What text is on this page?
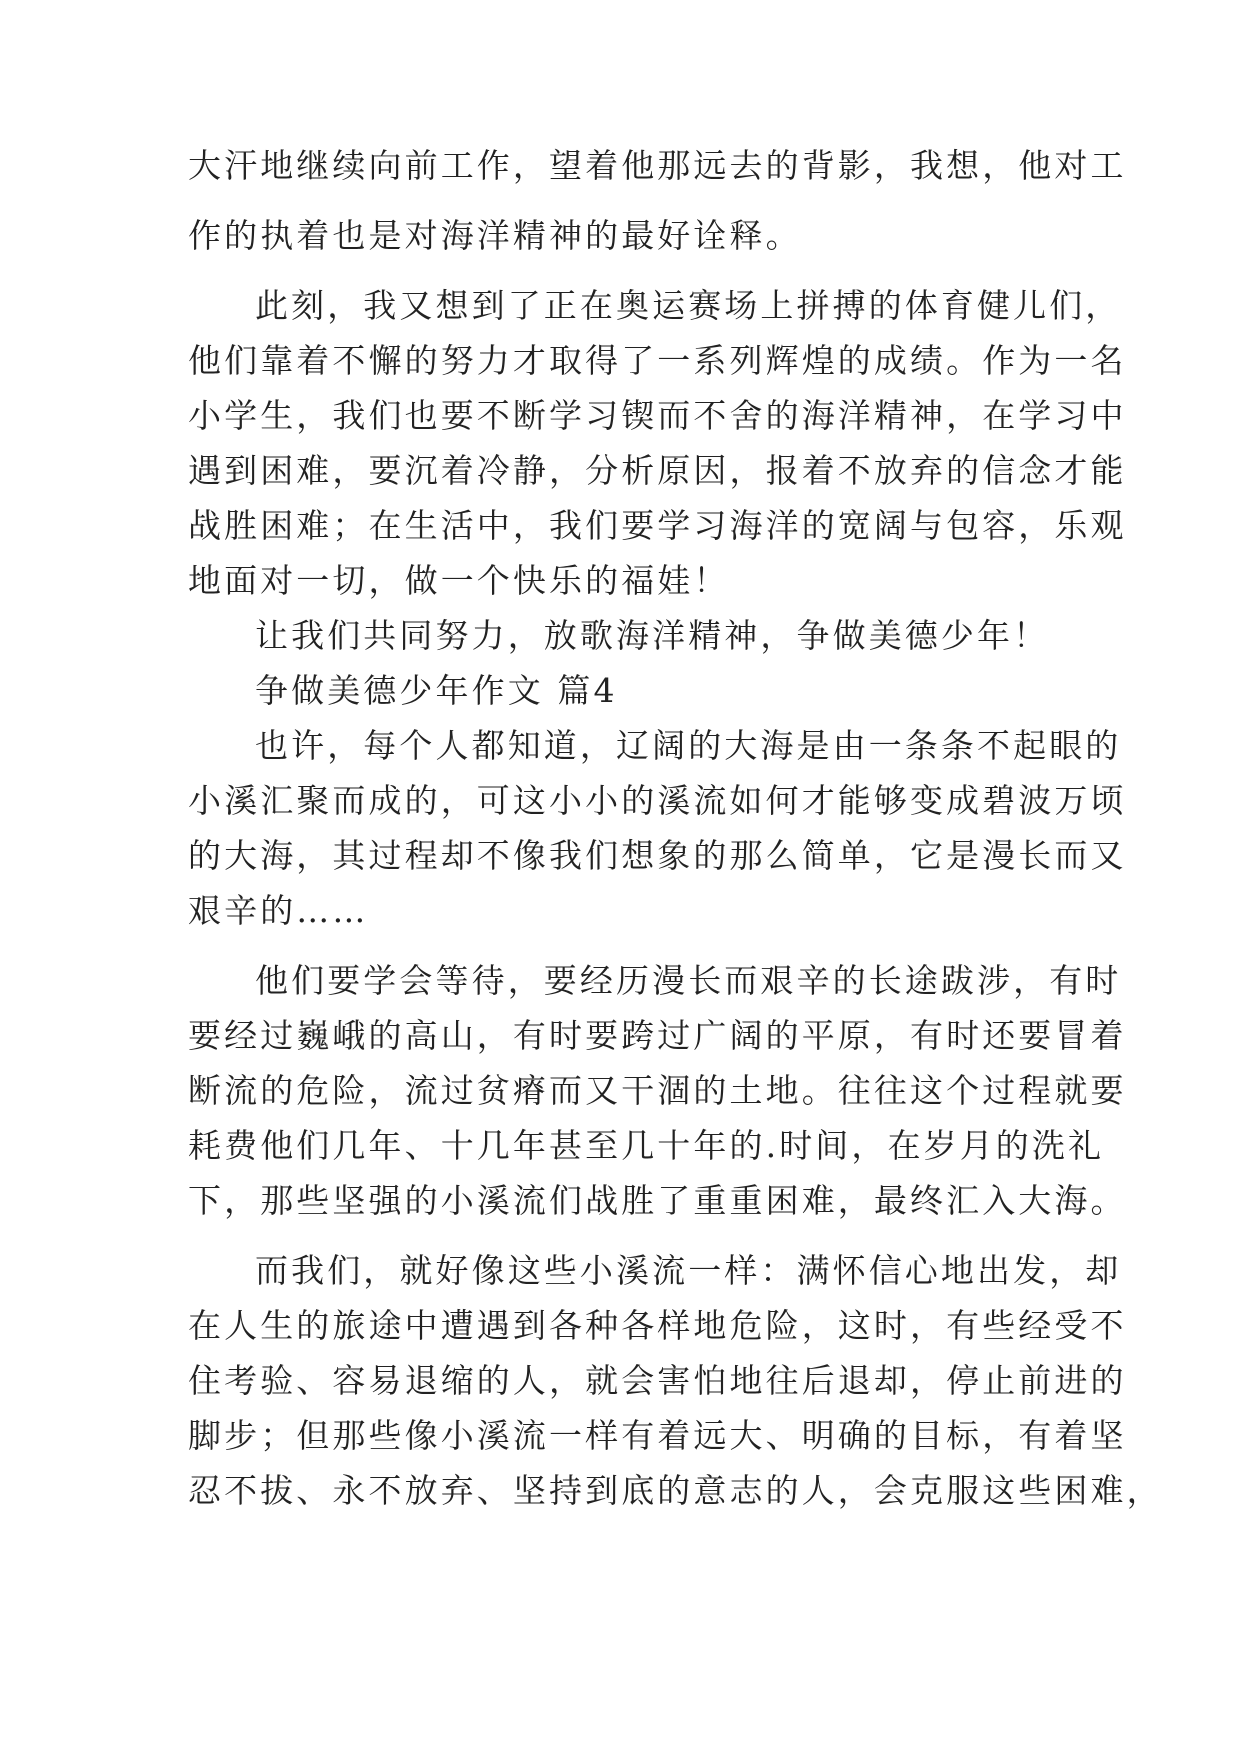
大汗地继续向前工作，望着他那远去的背影，我想，他对工
作的执着也是对海洋精神的最好诠释。
此刻，我又想到了正在奥运赛场上拼搏的体育健儿们，
他们靠着不懈的努力才取得了一系列辉煌的成绩。作为一名
小学生，我们也要不断学习锲而不舍的海洋精神，在学习中
遇到困难，要沉着冷静，分析原因，报着不放弃的信念才能
战胜困难；在生活中，我们要学习海洋的宽阔与包容，乐观
地面对一切，做一个快乐的福娃！
让我们共同努力，放歌海洋精神，争做美德少年！
争做美德少年作文 篇4
也许，每个人都知道，辽阔的大海是由一条条不起眼的
小溪汇聚而成的，可这小小的溪流如何才能够变成碧波万顷
的大海，其过程却不像我们想象的那么简单，它是漫长而又
艰辛的……
他们要学会等待，要经历漫长而艰辛的长途跋涉，有时
要经过巍峨的高山，有时要跨过广阔的平原，有时还要冒着
断流的危险，流过贫瘠而又干涸的土地。往往这个过程就要
耗费他们几年、十几年甚至几十年的.时间，在岁月的洗礼
下，那些坚强的小溪流们战胜了重重困难，最终汇入大海。
而我们，就好像这些小溪流一样：满怀信心地出发，却
在人生的旅途中遭遇到各种各样地危险，这时，有些经受不
住考验、容易退缩的人，就会害怕地往后退却，停止前进的
脚步；但那些像小溪流一样有着远大、明确的目标，有着坚
忍不拔、永不放弃、坚持到底的意志的人，会克服这些困难，
